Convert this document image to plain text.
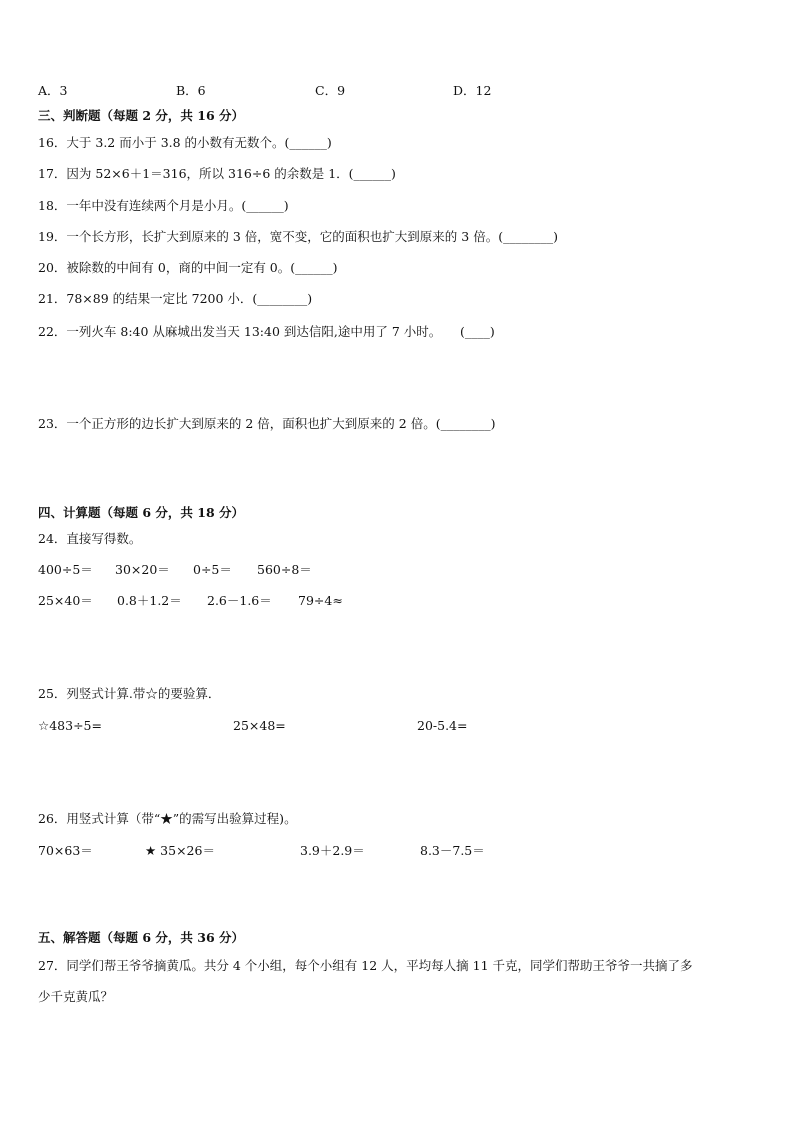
A．3	B．6	C．9	D．12
三、判断题（每题 2 分，共 16 分）
16．大于 3.2 而小于 3.8 的小数有无数个。(______)
17．因为 52×6＋1＝316，所以 316÷6 的余数是 1．(______)
18．一年中没有连续两个月是小月。(______)
19．一个长方形，长扩大到原来的 3 倍，宽不变，它的面积也扩大到原来的 3 倍。(________)
20．被除数的中间有 0，商的中间一定有 0。(______)
21．78×89 的结果一定比 7200 小．(________)
22．一列火车 8:40 从麻城出发当天 13:40 到达信阳,途中用了 7 小时。　　(____)
23．一个正方形的边长扩大到原来的 2 倍，面积也扩大到原来的 2 倍。(________)
四、计算题（每题 6 分，共 18 分）
24．直接写得数。
400÷5＝ 30×20＝ 0÷5＝ 560÷8＝
25×40＝ 0.8＋1.2＝ 2.6－1.6＝ 79÷4≈
25．列竖式计算.带☆的要验算．
☆483÷5=	25×48=	20-5.4=
26．用竖式计算（带“★”的需写出验算过程)。
70×63＝	★ 35×26＝	3.9＋2.9＝	8.3－7.5＝
五、解答题（每题 6 分，共 36 分）
27．同学们帮王爷爷摘黄瓜。共分 4 个小组，每个小组有 12 人，平均每人摘 11 千克，同学们帮助王爷爷一共摘了多
少千克黄瓜？
